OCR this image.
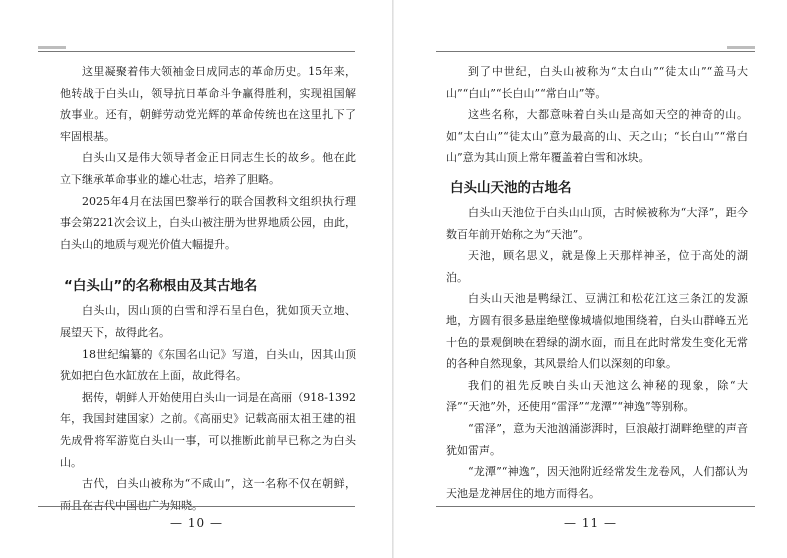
这里凝聚着伟大领袖金日成同志的革命历史。15年来，他转战于白头山，领导抗日革命斗争赢得胜利，实现祖国解放事业。还有，朝鲜劳动党光辉的革命传统也在这里扎下了牢固根基。

白头山又是伟大领导者金正日同志生长的故乡。他在此立下继承革命事业的雄心壮志，培养了胆略。

2025年4月在法国巴黎举行的联合国教科文组织执行理事会第221次会议上，白头山被注册为世界地质公园，由此，白头山的地质与观光价值大幅提升。

“白头山”的名称根由及其古地名

白头山，因山顶的白雪和浮石呈白色，犹如顶天立地、展望天下，故得此名。

18世纪编纂的《东国名山记》写道，白头山，因其山顶犹如把白色水缸放在上面，故此得名。

据传，朝鲜人开始使用白头山一词是在高丽（918-1392年，我国封建国家）之前。《高丽史》记载高丽太祖王建的祖先成骨将军游览白头山一事，可以推断此前早已称之为白头山。

古代，白头山被称为“不咸山”，这一名称不仅在朝鲜，而且在古代中国也广为知晓。

— 10 —

到了中世纪，白头山被称为“太白山”“徒太山”“盖马大山”“白山”“长白山”“常白山”等。

这些名称，大都意味着白头山是高如天空的神奇的山。如“太白山”“徒太山”意为最高的山、天之山；“长白山”“常白山”意为其山顶上常年覆盖着白雪和冰块。

白头山天池的古地名

白头山天池位于白头山山顶，古时候被称为“大泽”，距今数百年前开始称之为“天池”。

天池，顾名思义，就是像上天那样神圣，位于高处的湖泊。

白头山天池是鸭绿江、豆满江和松花江这三条江的发源地，方圆有很多悬崖绝壁像城墙似地围绕着，白头山群峰五光十色的景观倒映在碧绿的湖水面，而且在此时常发生变化无常的各种自然现象，其风景给人们以深刻的印象。

我们的祖先反映白头山天池这么神秘的现象，除“大泽”“天池”外，还使用“雷泽”“龙潭”“神逸”等别称。

“雷泽”，意为天池汹涌澎湃时，巨浪敲打湖畔绝壁的声音犹如雷声。

“龙潭”“神逸”，因天池附近经常发生龙卷风，人们都认为天池是龙神居住的地方而得名。

— 11 —
